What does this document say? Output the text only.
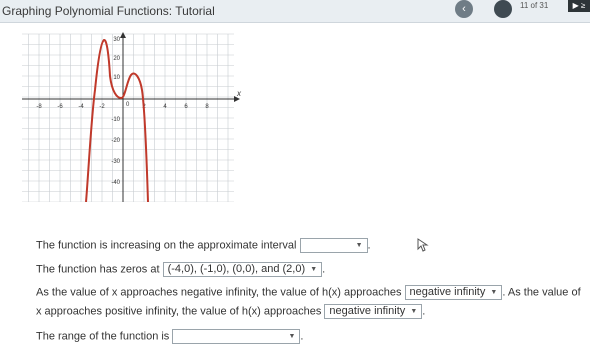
Graphing Polynomial Functions: Tutorial	‹	11 of 31	▶ ≥
x
-8	-6	-4	-2	0 2	4	6	8
30
20
10
-10
-20
-30
-40
The function is increasing on the approximate interval	▼ .
The function has zeros at (-4,0), (-1,0), (0,0), and (2,0) ▼ .
As the value of x approaches negative infinity, the value of h(x) approaches negative infinity ▼ . As the value of
x approaches positive infinity, the value of h(x) approaches negative infinity ▼ .
The range of the function is	▼ .
